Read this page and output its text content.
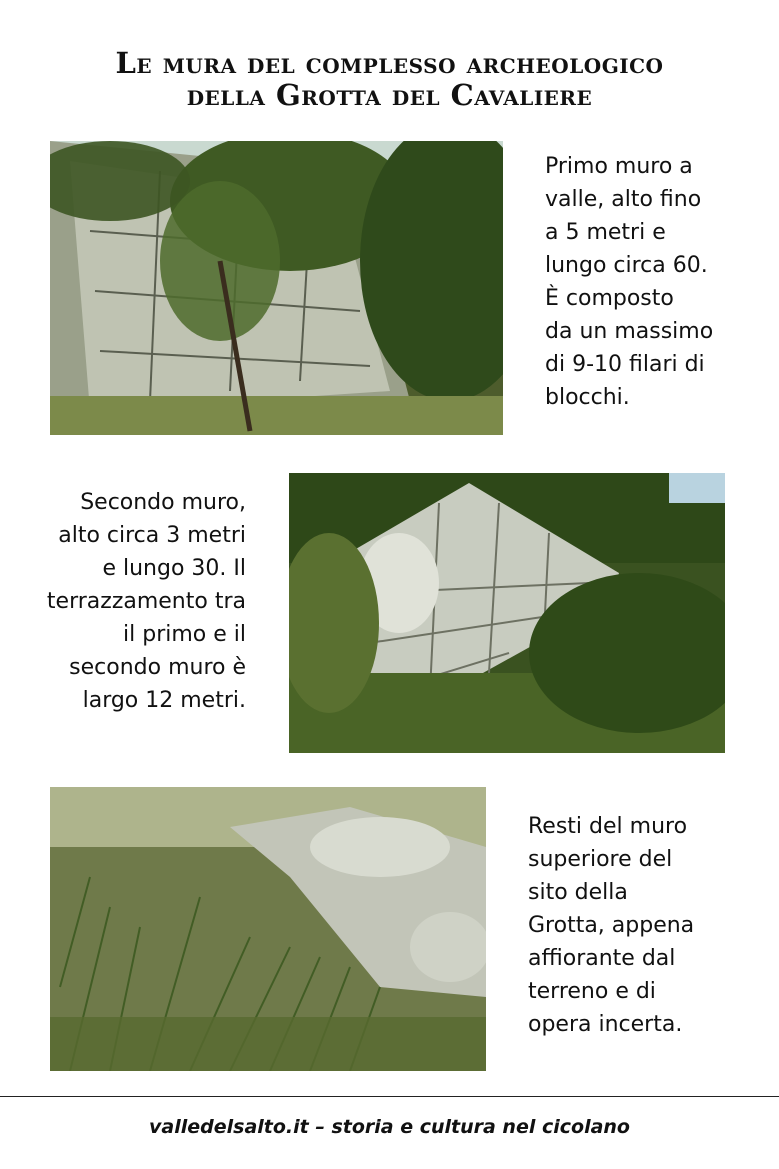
Le mura del complesso archeologico
della Grotta del Cavaliere
Primo muro a
valle, alto fino
a 5 metri e
lungo circa 60.
È composto
da un massimo
di 9-10 filari di
blocchi.
Secondo muro,
alto circa 3 metri
e lungo 30. Il
terrazzamento tra
il primo e il
secondo muro è
largo 12 metri.
Resti del muro
superiore del
sito della
Grotta, appena
affiorante dal
terreno e di
opera incerta.
valledelsalto.it – storia e cultura nel cicolano
